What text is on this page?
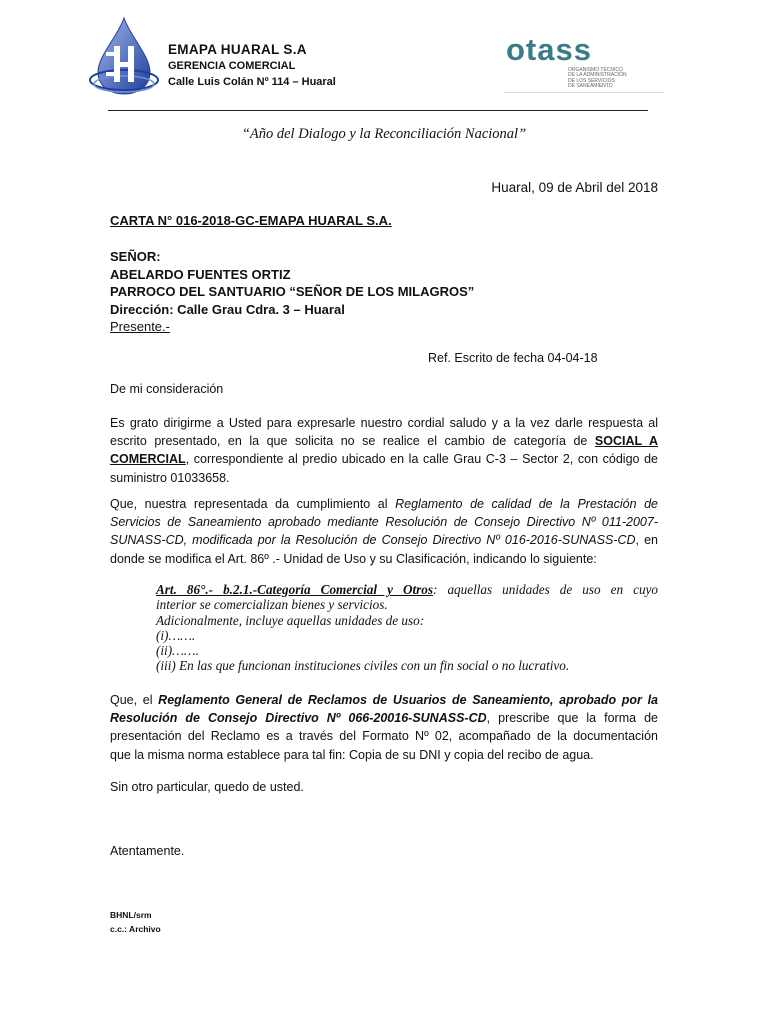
EMAPA HUARAL S.A
GERENCIA COMERCIAL
Calle Luis Colán Nº 114 – Huaral
otass
ORGANISMO TÉCNICO
DE LA ADMINISTRACIÓN
DE LOS SERVICIOS
DE SANEAMIENTO
“Año del Dialogo y la Reconciliación Nacional”
Huaral, 09 de Abril del 2018
CARTA N° 016-2018-GC-EMAPA HUARAL S.A.
SEÑOR:
ABELARDO FUENTES ORTIZ
PARROCO DEL SANTUARIO “SEÑOR DE LOS MILAGROS”
Dirección: Calle Grau Cdra. 3 – Huaral
Presente.-
Ref. Escrito de fecha 04-04-18
De mi consideración

Es grato dirigirme a Usted para expresarle nuestro cordial saludo y a la vez darle respuesta al

escrito presentado, en la que solicita no se realice el cambio de categoría de SOCIAL A

COMERCIAL, correspondiente al predio ubicado en la calle Grau C-3 – Sector 2, con código de

suministro 01033658.

Que, nuestra representada da cumplimiento al Reglamento de calidad de la Prestación de

Servicios de Saneamiento aprobado mediante Resolución de Consejo Directivo Nº 011-2007-

SUNASS-CD, modificada por la Resolución de Consejo Directivo Nº 016-2016-SUNASS-CD, en

donde se modifica el Art. 86º .- Unidad de Uso y su Clasificación, indicando lo siguiente:

Art. 86°.- b.2.1.-Categoría Comercial y Otros: aquellas unidades de uso en cuyo

interior se comercializan bienes y servicios.

Adicionalmente, incluye aquellas unidades de uso:

(i)…….

(ii)…….

(iii) En las que funcionan instituciones civiles con un fin social o no lucrativo.

Que, el Reglamento General de Reclamos de Usuarios de Saneamiento, aprobado por la

Resolución de Consejo Directivo Nº 066-20016-SUNASS-CD, prescribe que la forma de

presentación del Reclamo es a través del Formato Nº 02, acompañado de la documentación

que la misma norma establece para tal fin: Copia de su DNI y copia del recibo de agua.

Sin otro particular, quedo de usted.
Atentamente.
BHNL/srm
c.c.: Archivo
